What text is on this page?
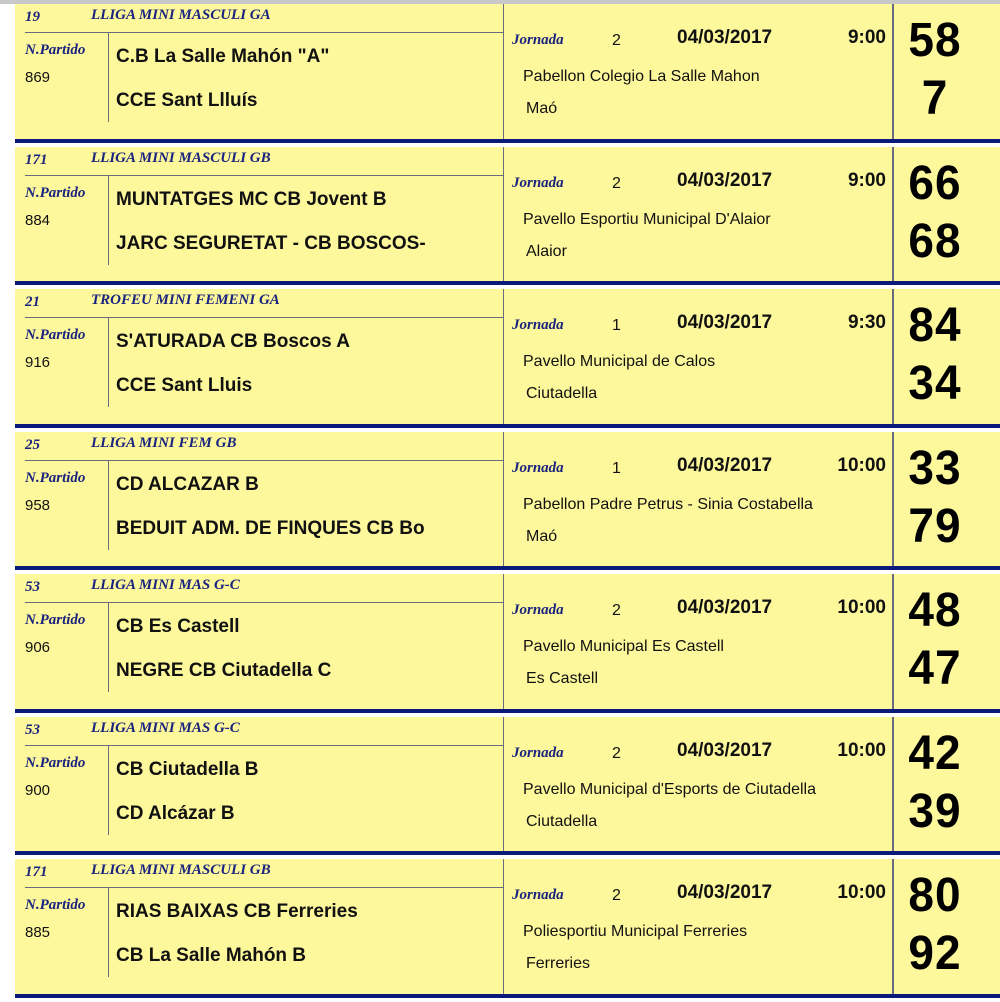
19	LLIGA MINI MASCULI GA
N.Partido
869
C.B La Salle Mahón "A"
CCE Sant Llluís
Jornada	2	04/03/2017	9:00
Pabellon Colegio La Salle Mahon
Maó
58
7
171	LLIGA MINI MASCULI GB
N.Partido
884
MUNTATGES MC CB Jovent B
JARC SEGURETAT - CB BOSCOS-
Jornada	2	04/03/2017	9:00
Pavello Esportiu Municipal D'Alaior
Alaior
66
68
21	TROFEU MINI FEMENI GA
N.Partido
916
S'ATURADA CB Boscos A
CCE Sant Lluis
Jornada	1	04/03/2017	9:30
Pavello Municipal de Calos
Ciutadella
84
34
25	LLIGA MINI FEM GB
N.Partido
958
CD ALCAZAR B
BEDUIT ADM. DE FINQUES CB Bo
Jornada	1	04/03/2017	10:00
Pabellon Padre Petrus - Sinia Costabella
Maó
33
79
53	LLIGA MINI MAS G-C
N.Partido
906
CB Es Castell
NEGRE CB Ciutadella C
Jornada	2	04/03/2017	10:00
Pavello Municipal Es Castell
Es Castell
48
47
53	LLIGA MINI MAS G-C
N.Partido
900
CB Ciutadella B
CD Alcázar B
Jornada	2	04/03/2017	10:00
Pavello Municipal d'Esports de Ciutadella
Ciutadella
42
39
171	LLIGA MINI MASCULI GB
N.Partido
885
RIAS BAIXAS CB Ferreries
CB La Salle Mahón B
Jornada	2	04/03/2017	10:00
Poliesportiu Municipal Ferreries
Ferreries
80
92
